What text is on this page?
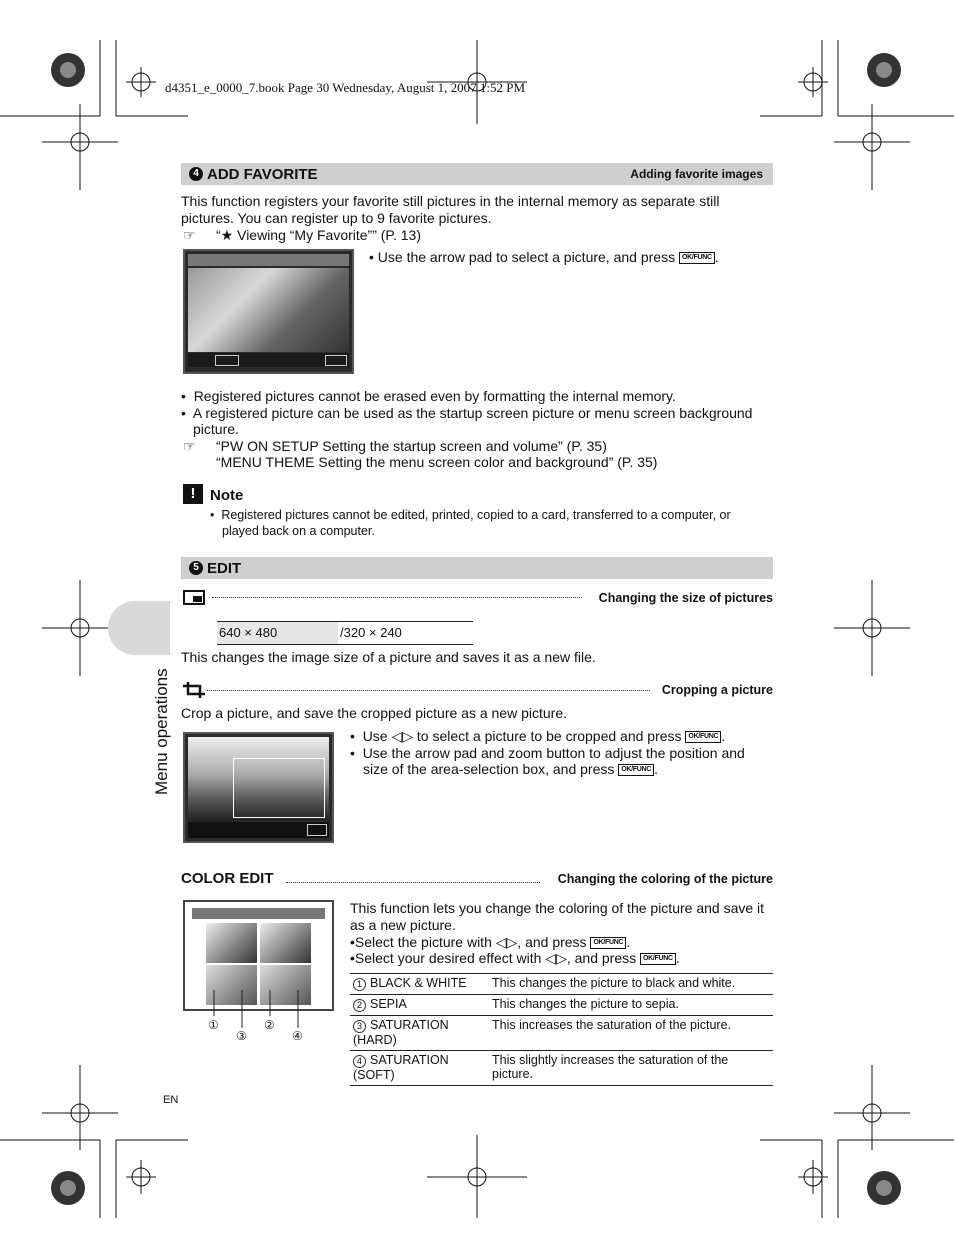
d4351_e_0000_7.book Page 30 Wednesday, August 1, 2007 1:52 PM
Menu operations
4 ADD FAVORITE	Adding favorite images
This function registers your favorite still pictures in the internal memory as separate still
pictures. You can register up to 9 favorite pictures.
☞ “★ Viewing “My Favorite”” (P. 13)
• Use the arrow pad to select a picture, and press OK/FUNC .
•  Registered pictures cannot be erased even by formatting the internal memory.
•  A registered picture can be used as the startup screen picture or menu screen background
picture.
☞ “PW ON SETUP Setting the startup screen and volume” (P. 35)
“MENU THEME Setting the menu screen color and background” (P. 35)
! Note
•  Registered pictures cannot be edited, printed, copied to a card, transferred to a computer, or
played back on a computer.
5 EDIT
Changing the size of pictures
640 × 480	/320 × 240
This changes the image size of a picture and saves it as a new file.
Cropping a picture
Crop a picture, and save the cropped picture as a new picture.
•  Use ◁▷ to select a picture to be cropped and press OK/FUNC .
•  Use the arrow pad and zoom button to adjust the position and
size of the area-selection box, and press OK/FUNC .
COLOR EDIT	Changing the coloring of the picture
①
③
②
④
This function lets you change the coloring of the picture and save it
as a new picture.
•Select the picture with ◁▷, and press OK/FUNC .
•Select your desired effect with ◁▷, and press OK/FUNC .
1 BLACK & WHITE	This changes the picture to black and white.
2 SEPIA	This changes the picture to sepia.
3 SATURATION (HARD)	This increases the saturation of the picture.
4 SATURATION (SOFT)	This slightly increases the saturation of the picture.
EN
